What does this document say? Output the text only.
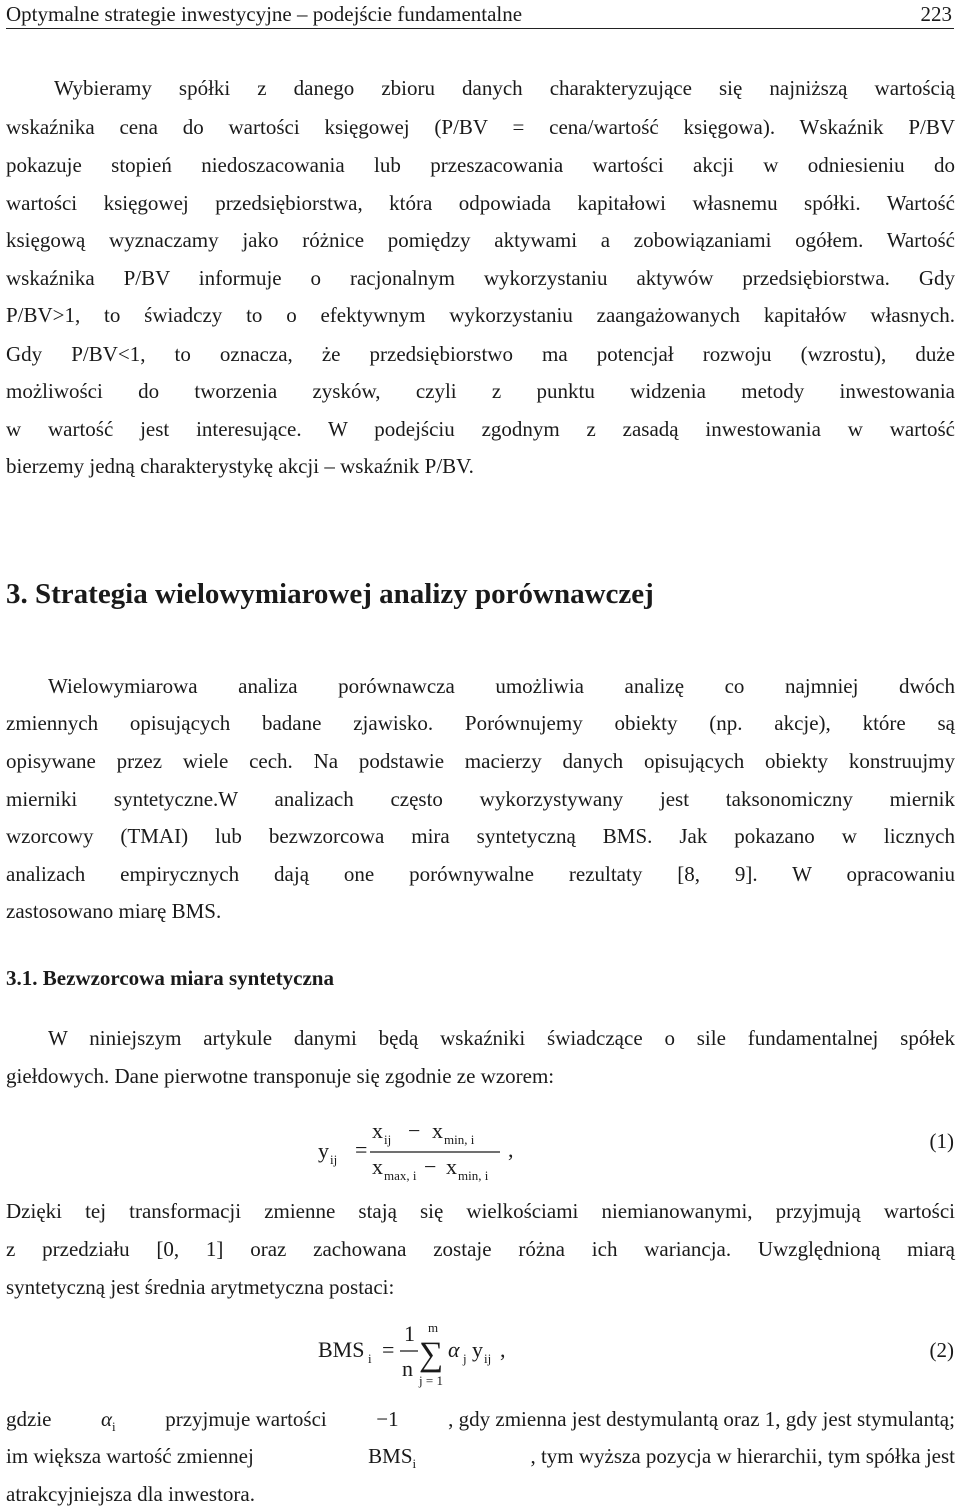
Optymalne strategie inwestycyjne – podejście fundamentalne	223
Wybieramy spółki z danego zbioru danych charakteryzujące się najniższą wartością
wskaźnika cena do wartości księgowej (P/BV = cena/wartość księgowa). Wskaźnik P/BV
pokazuje stopień niedoszacowania lub przeszacowania wartości akcji w odniesieniu do
wartości księgowej przedsiębiorstwa, która odpowiada kapitałowi własnemu spółki. Wartość
księgową wyznaczamy jako różnice pomiędzy aktywami a zobowiązaniami ogółem. Wartość
wskaźnika P/BV informuje o racjonalnym wykorzystaniu aktywów przedsiębiorstwa. Gdy
P/BV>1, to świadczy to o efektywnym wykorzystaniu zaangażowanych kapitałów własnych.
Gdy P/BV<1, to oznacza, że przedsiębiorstwo ma potencjał rozwoju (wzrostu), duże
możliwości do tworzenia zysków, czyli z punktu widzenia metody inwestowania
w wartość jest interesujące. W podejściu zgodnym z zasadą inwestowania w wartość
bierzemy jedną charakterystykę akcji – wskaźnik P/BV.
3. Strategia wielowymiarowej analizy porównawczej
Wielowymiarowa analiza porównawcza umożliwia analizę co najmniej dwóch
zmiennych opisujących badane zjawisko. Porównujemy obiekty (np. akcje), które są
opisywane przez wiele cech. Na podstawie macierzy danych opisujących obiekty konstruujmy
mierniki syntetyczne.W analizach często wykorzystywany jest taksonomiczny miernik
wzorcowy (TMAI) lub bezwzorcowa mira syntetyczną BMS. Jak pokazano w licznych
analizach empirycznych dają one porównywalne rezultaty [8, 9]. W opracowaniu
zastosowano miarę BMS.
3.1. Bezwzorcowa miara syntetyczna
W niniejszym artykule danymi będą wskaźniki świadczące o sile fundamentalnej spółek
giełdowych. Dane pierwotne transponuje się zgodnie ze wzorem:
y ij =
x ij − x min, i
x max, i − x min, i
,	(1)
Dzięki tej transformacji zmienne stają się wielkościami niemianowanymi, przyjmują wartości
z przedziału [0, 1] oraz zachowana zostaje różna ich wariancja. Uwzględnioną miarą
syntetyczną jest średnia arytmetyczna postaci:
BMS i =
1
n
m
∑
j = 1
α j y ij ,	(2)
gdzie $\alpha_i$ przyjmuje wartości −1 , gdy zmienna jest destymulantą oraz 1, gdy jest stymulantą;
im większa wartość zmiennej	$BMS_i$	, tym wyższa pozycja w hierarchii, tym spółka jest
atrakcyjniejsza dla inwestora.
